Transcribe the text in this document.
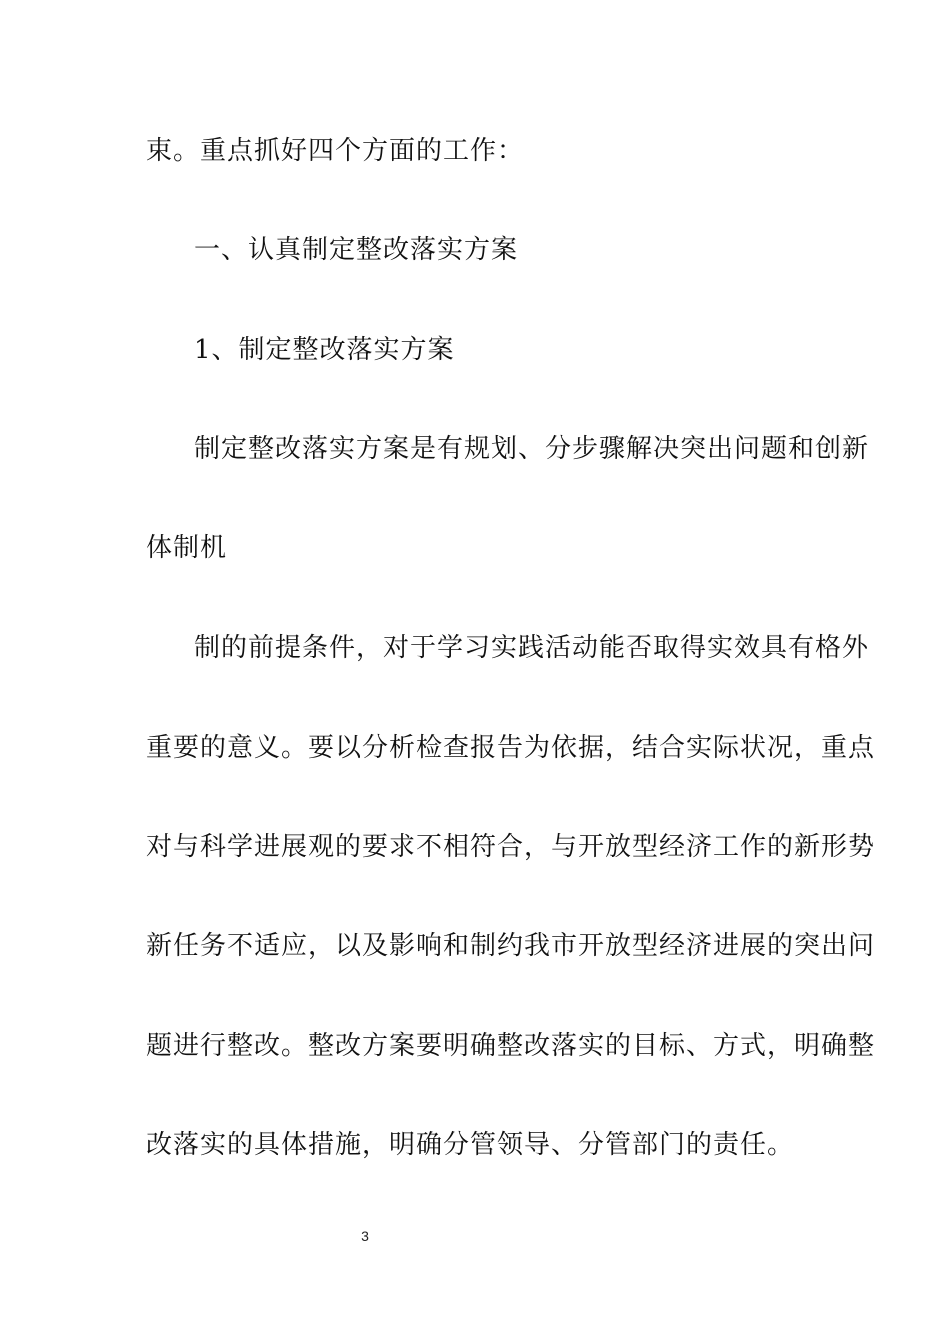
束。重点抓好四个方面的工作：
一、认真制定整改落实方案
1、制定整改落实方案
制定整改落实方案是有规划、分步骤解决突出问题和创新
体制机
制的前提条件，对于学习实践活动能否取得实效具有格外
重要的意义。要以分析检查报告为依据，结合实际状况，重点
对与科学进展观的要求不相符合，与开放型经济工作的新形势
新任务不适应，以及影响和制约我市开放型经济进展的突出问
题进行整改。整改方案要明确整改落实的目标、方式，明确整
改落实的具体措施，明确分管领导、分管部门的责任。
3
